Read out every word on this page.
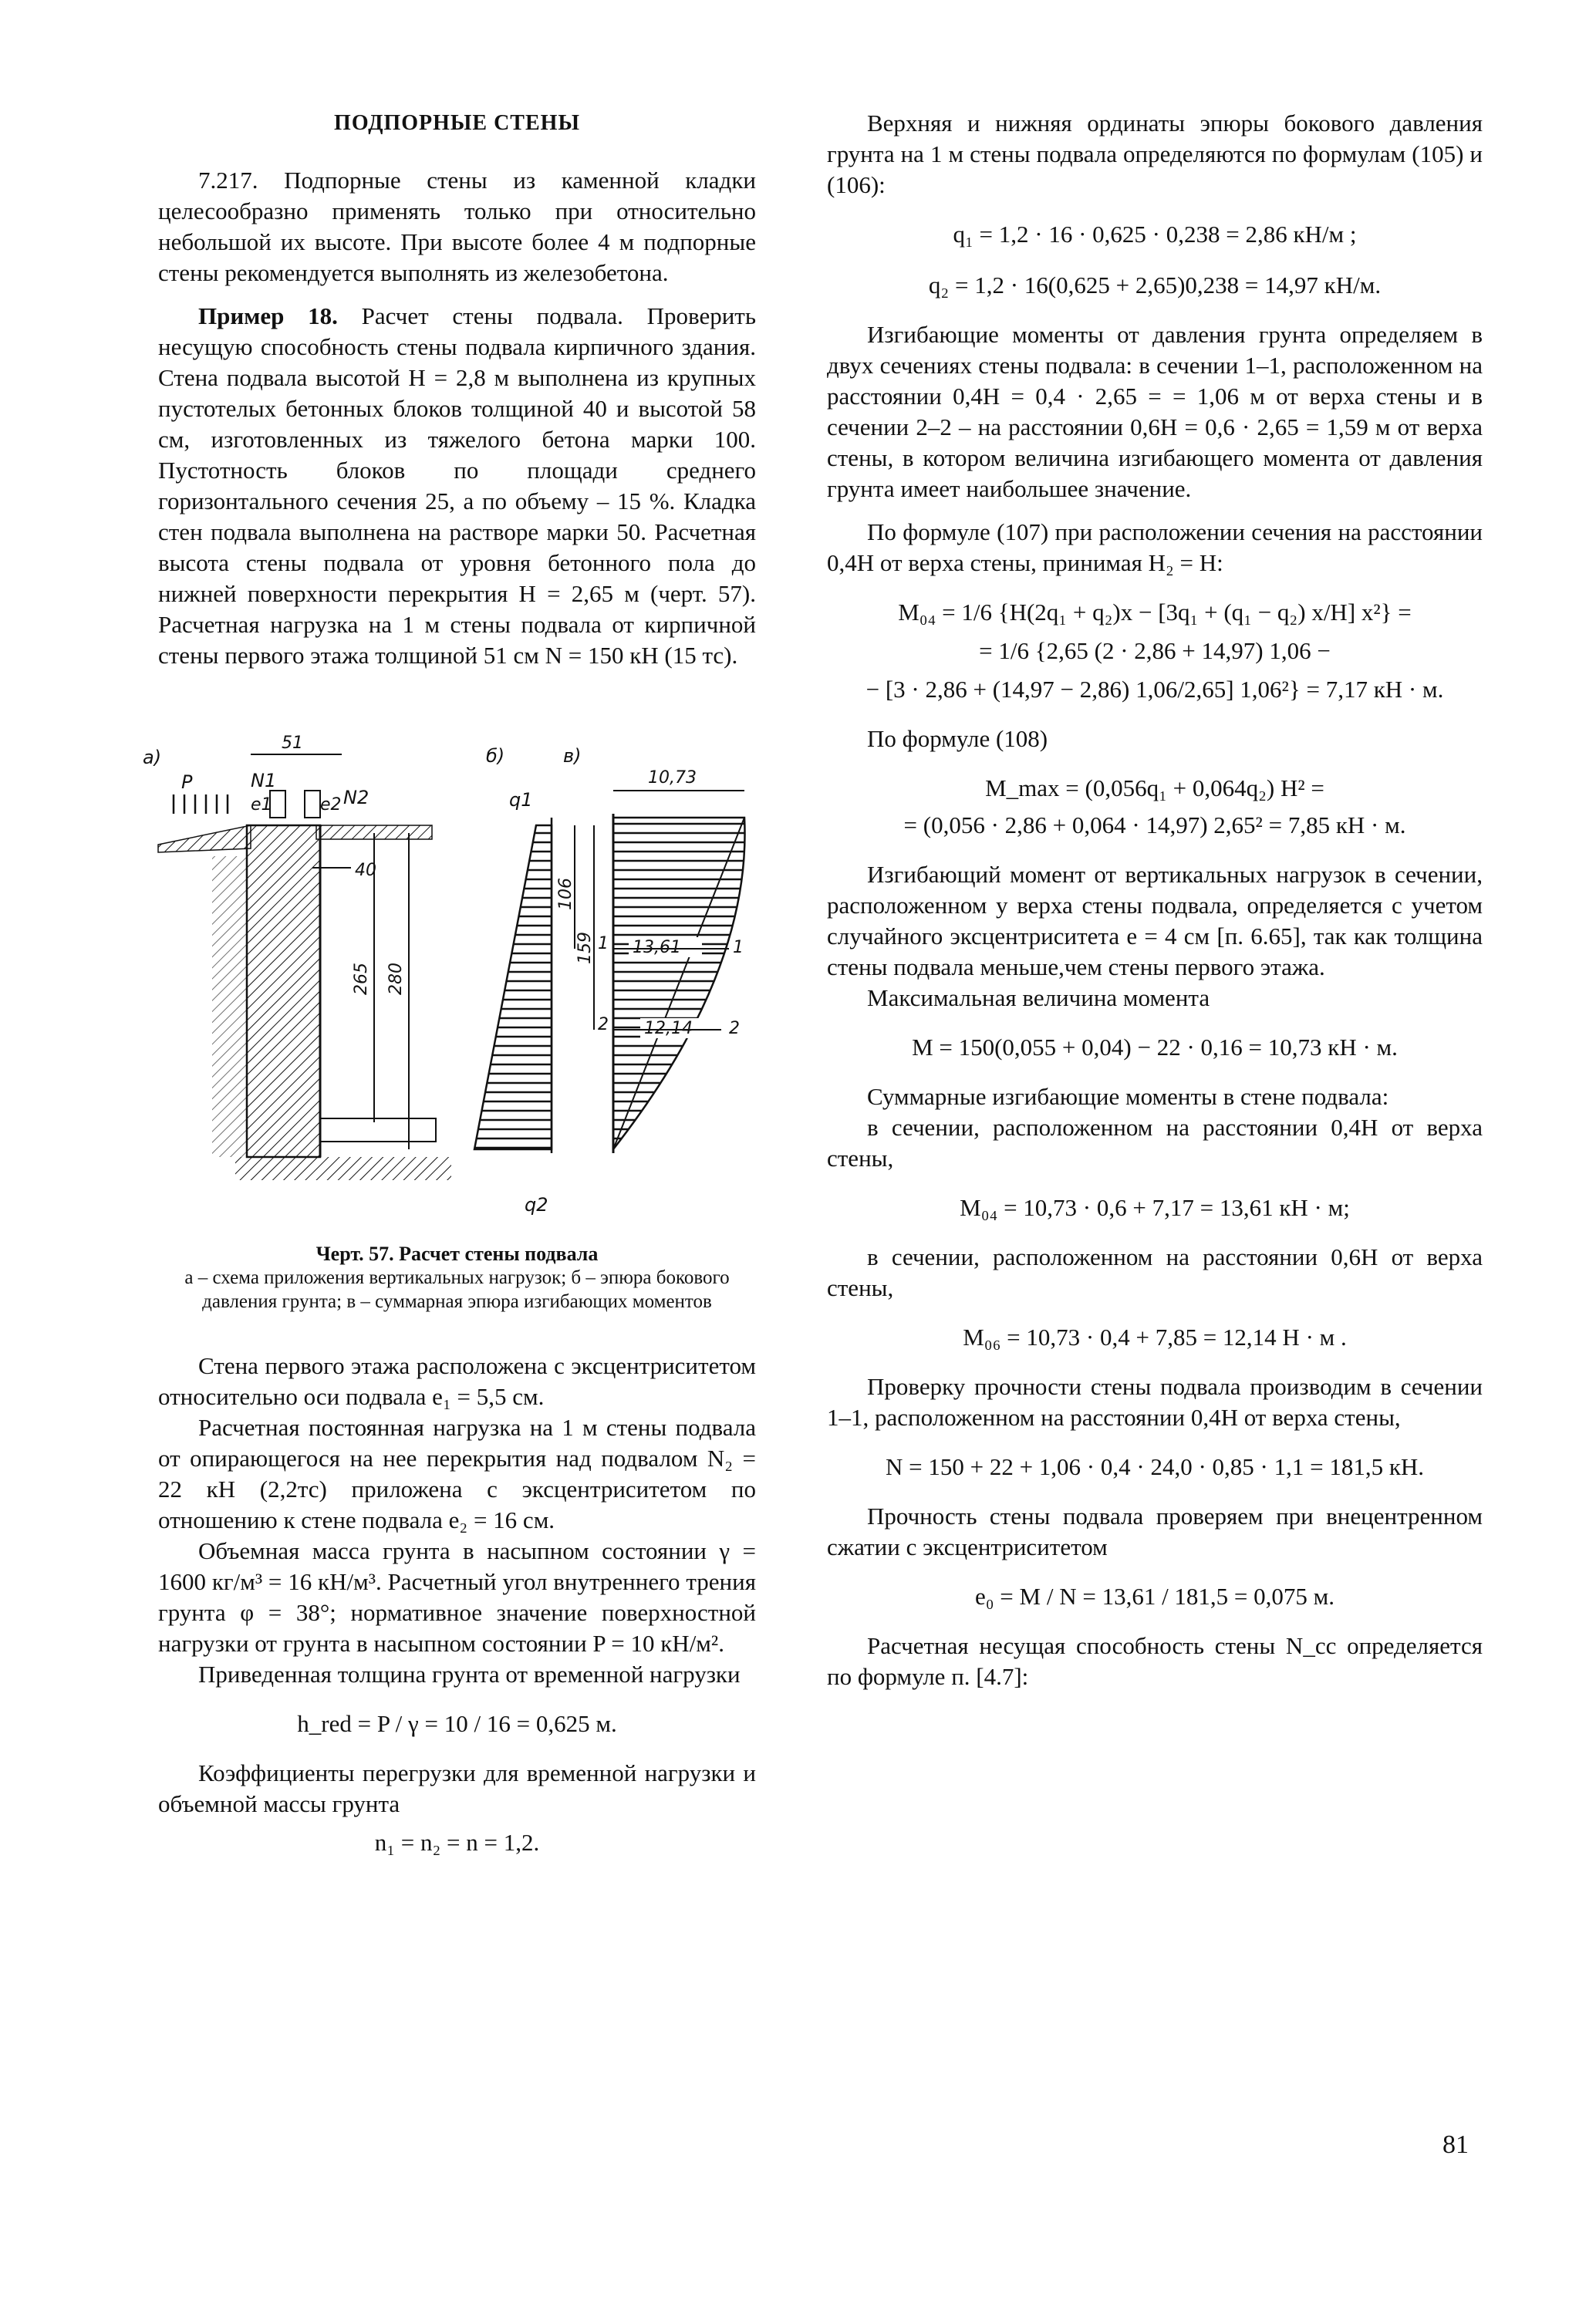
ПОДПОРНЫЕ СТЕНЫ

7.217. Подпорные стены из каменной кладки целесообразно применять только при относительно небольшой их высоте. При высоте более 4 м подпорные стены рекомендуется выполнять из железобетона.

Пример 18. Расчет стены подвала. Проверить несущую способность стены подвала кирпичного здания. Стена подвала высотой H = 2,8 м выполнена из крупных пустотелых бетонных блоков толщиной 40 и высотой 58 см, изготовленных из тяжелого бетона марки 100. Пустотность блоков по площади среднего горизонтального сечения 25, а по объему – 15 %. Кладка стен подвала выполнена на растворе марки 50. Расчетная высота стены подвала от уровня бетонного пола до нижней поверхности перекрытия H = 2,65 м (черт. 57). Расчетная нагрузка на 1 м стены подвала от кирпичной стены первого этажа толщиной 51 см N = 150 кН (15 тс).

а)	б)	в)
51
P	N1
N2
e1	e2
40
265 280
q1
q2
106
159 1
2
10,73
13,61
12,14
1
2
Черт. 57. Расчет стены подвала
а – схема приложения вертикальных нагрузок; б – эпюра бокового давления грунта; в – суммарная эпюра изгибающих моментов

Стена первого этажа расположена с эксцентриситетом относительно оси подвала e₁ = 5,5 см.

Расчетная постоянная нагрузка на 1 м стены подвала от опирающегося на нее перекрытия над подвалом N₂ = 22 кН (2,2тс) приложена с эксцентриситетом по отношению к стене подвала e₂ = 16 см.

Объемная масса грунта в насыпном состоянии γ = 1600 кг/м³ = 16 кН/м³. Расчетный угол внутреннего трения грунта φ = 38°; нормативное значение поверхностной нагрузки от грунта в насыпном состоянии P = 10 кН/м².

Приведенная толщина грунта от временной нагрузки

h_red = P / γ = 10 / 16 = 0,625 м.

Коэффициенты перегрузки для временной нагрузки и объемной массы грунта

n₁ = n₂ = n = 1,2.

Верхняя и нижняя ординаты эпюры бокового давления грунта на 1 м стены подвала определяются по формулам (105) и (106):

q₁ = 1,2 · 16 · 0,625 · 0,238 = 2,86 кН/м ;

q₂ = 1,2 · 16(0,625 + 2,65)0,238 = 14,97 кН/м.

Изгибающие моменты от давления грунта определяем в двух сечениях стены подвала: в сечении 1–1, расположенном на расстоянии 0,4H = 0,4 · 2,65 = = 1,06 м от верха стены и в сечении 2–2 – на расстоянии 0,6H = 0,6 · 2,65 = 1,59 м от верха стены, в котором величина изгибающего момента от давления грунта имеет наибольшее значение.

По формуле (107) при расположении сечения на расстоянии 0,4H от верха стены, принимая H₂ = H:

M₀₄ = 1/6 {H(2q₁ + q₂)x − [3q₁ + (q₁ − q₂) x/H] x²} =

= 1/6 {2,65 (2 · 2,86 + 14,97) 1,06 −

− [3 · 2,86 + (14,97 − 2,86) 1,06/2,65] 1,06²} = 7,17 кН · м.

По формуле (108)

M_max = (0,056q₁ + 0,064q₂) H² =

= (0,056 · 2,86 + 0,064 · 14,97) 2,65² = 7,85 кН · м.

Изгибающий момент от вертикальных нагрузок в сечении, расположенном у верха стены подвала, определяется с учетом случайного эксцентриситета e = 4 см [п. 6.65], так как толщина стены подвала меньше,чем стены первого этажа.

Максимальная величина момента

M = 150(0,055 + 0,04) − 22 · 0,16 = 10,73 кН · м.

Суммарные изгибающие моменты в стене подвала:

в сечении, расположенном на расстоянии 0,4H от верха стены,

M₀₄ = 10,73 · 0,6 + 7,17 = 13,61 кН · м;

в сечении, расположенном на расстоянии 0,6H от верха стены,

M₀₆ = 10,73 · 0,4 + 7,85 = 12,14 Н · м .

Проверку прочности стены подвала производим в сечении 1–1, расположенном на расстоянии 0,4H от верха стены,

N = 150 + 22 + 1,06 · 0,4 · 24,0 · 0,85 · 1,1 = 181,5 кН.

Прочность стены подвала проверяем при внецентренном сжатии с эксцентриситетом

e₀ = M / N = 13,61 / 181,5 = 0,075 м.

Расчетная несущая способность стены N_cc определяется по формуле п. [4.7]:

81
